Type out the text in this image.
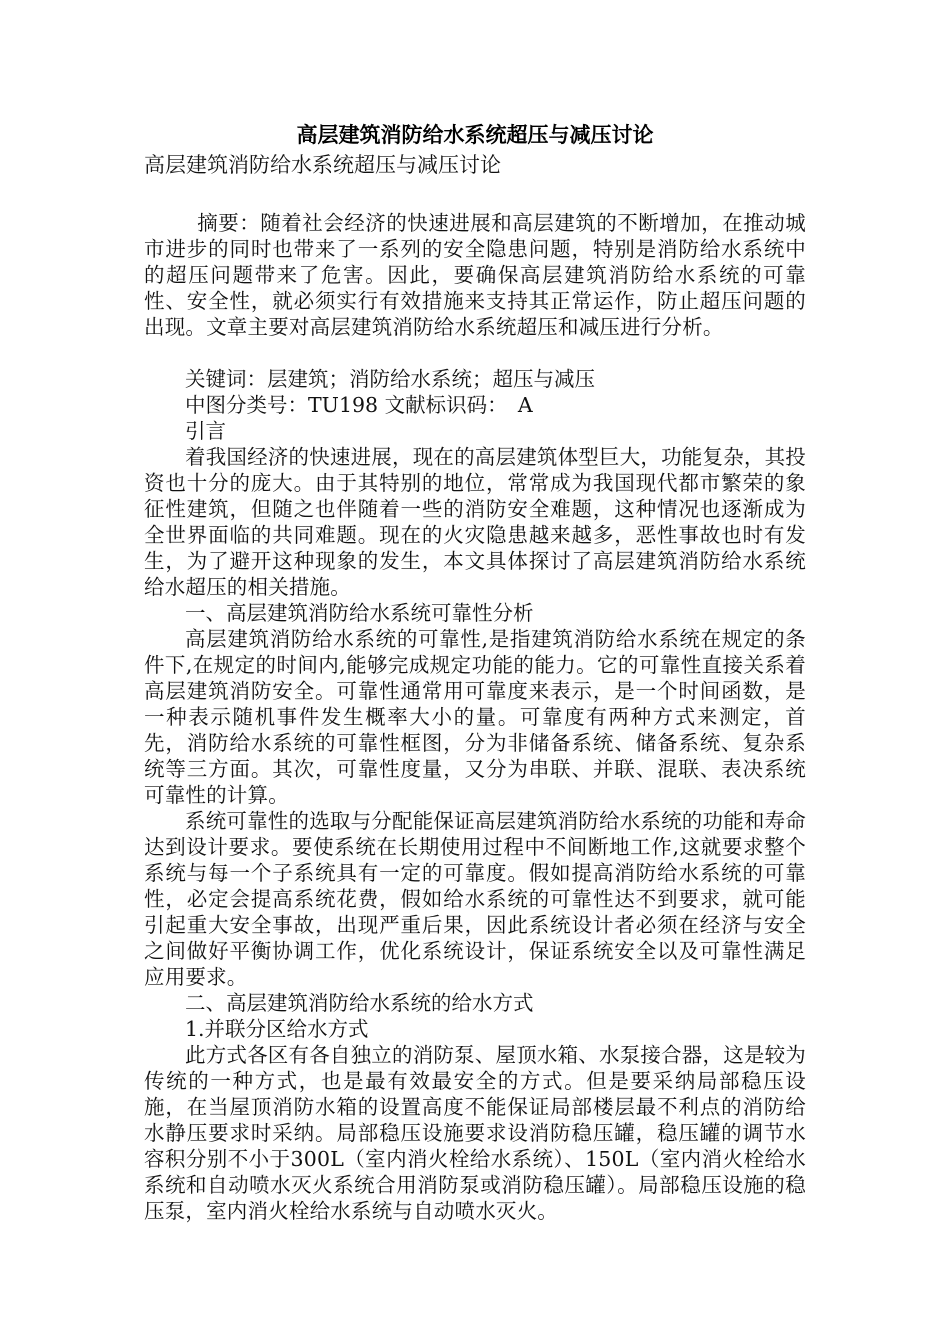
高层建筑消防给水系统超压与减压讨论

高层建筑消防给水系统超压与减压讨论

摘要：随着社会经济的快速进展和高层建筑的不断增加，在推动城市进步的同时也带来了一系列的安全隐患问题，特别是消防给水系统中的超压问题带来了危害。因此，要确保高层建筑消防给水系统的可靠性、安全性，就必须实行有效措施来支持其正常运作，防止超压问题的出现。文章主要对高层建筑消防给水系统超压和减压进行分析。

关键词：层建筑；消防给水系统；超压与减压

中图分类号：TU198 文献标识码：　A

引言

着我国经济的快速进展，现在的高层建筑体型巨大，功能复杂，其投资也十分的庞大。由于其特别的地位，常常成为我国现代都市繁荣的象征性建筑，但随之也伴随着一些的消防安全难题，这种情况也逐渐成为全世界面临的共同难题。现在的火灾隐患越来越多，恶性事故也时有发生，为了避开这种现象的发生，本文具体探讨了高层建筑消防给水系统给水超压的相关措施。

一、高层建筑消防给水系统可靠性分析

高层建筑消防给水系统的可靠性,是指建筑消防给水系统在规定的条件下,在规定的时间内,能够完成规定功能的能力。它的可靠性直接关系着高层建筑消防安全。可靠性通常用可靠度来表示，是一个时间函数，是一种表示随机事件发生概率大小的量。可靠度有两种方式来测定，首先，消防给水系统的可靠性框图，分为非储备系统、储备系统、复杂系统等三方面。其次，可靠性度量，又分为串联、并联、混联、表决系统可靠性的计算。

系统可靠性的选取与分配能保证高层建筑消防给水系统的功能和寿命达到设计要求。要使系统在长期使用过程中不间断地工作,这就要求整个系统与每一个子系统具有一定的可靠度。假如提高消防给水系统的可靠性，必定会提高系统花费，假如给水系统的可靠性达不到要求，就可能引起重大安全事故，出现严重后果，因此系统设计者必须在经济与安全之间做好平衡协调工作，优化系统设计，保证系统安全以及可靠性满足应用要求。

二、高层建筑消防给水系统的给水方式

1.并联分区给水方式

此方式各区有各自独立的消防泵、屋顶水箱、水泵接合器，这是较为传统的一种方式，也是最有效最安全的方式。但是要采纳局部稳压设施，在当屋顶消防水箱的设置高度不能保证局部楼层最不利点的消防给水静压要求时采纳。局部稳压设施要求设消防稳压罐，稳压罐的调节水容积分别不小于300L（室内消火栓给水系统）、150L（室内消火栓给水系统和自动喷水灭火系统合用消防泵或消防稳压罐）。局部稳压设施的稳压泵，室内消火栓给水系统与自动喷水灭火。
